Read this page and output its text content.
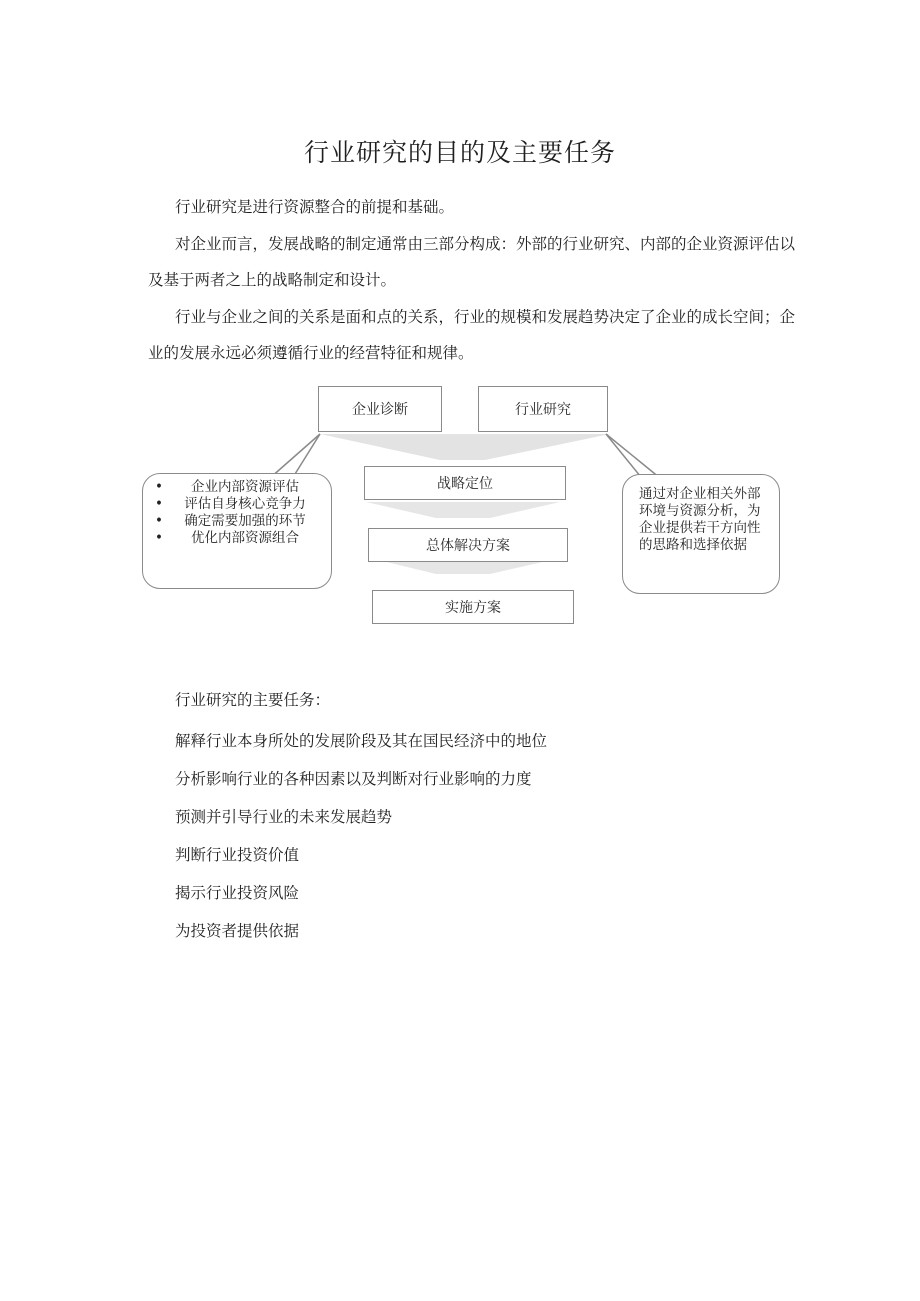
行业研究的目的及主要任务

行业研究是进行资源整合的前提和基础。

对企业而言，发展战略的制定通常由三部分构成：外部的行业研究、内部的企业资源评估以及基于两者之上的战略制定和设计。

行业与企业之间的关系是面和点的关系，行业的规模和发展趋势决定了企业的成长空间；企业的发展永远必须遵循行业的经营特征和规律。

企业诊断	行业研究
战略定位
总体解决方案
实施方案
• 企业内部资源评估
• 评估自身核心竞争力
• 确定需要加强的环节
• 优化内部资源组合
通过对企业相关外部环境与资源分析，为企业提供若干方向性的思路和选择依据
行业研究的主要任务：
解释行业本身所处的发展阶段及其在国民经济中的地位
分析影响行业的各种因素以及判断对行业影响的力度
预测并引导行业的未来发展趋势
判断行业投资价值
揭示行业投资风险
为投资者提供依据
